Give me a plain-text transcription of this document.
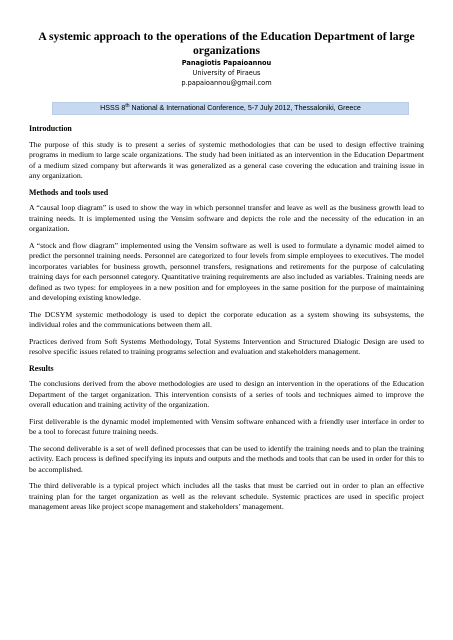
A systemic approach to the operations of the Education Department of large organizations
Panagiotis Papaioannou
University of Piraeus
p.papaioannou@gmail.com
HSSS 8th National & International Conference, 5-7 July 2012, Thessaloniki, Greece
Introduction

The purpose of this study is to present a series of systemic methodologies that can be used to design effective training programs in medium to large scale organizations. The study had been initiated as an intervention in the Education Department of a medium sized company but afterwards it was generalized as a general case covering the education and training issue in any organization.

Methods and tools used

A “causal loop diagram” is used to show the way in which personnel transfer and leave as well as the business growth lead to training needs. It is implemented using the Vensim software and depicts the role and the necessity of the education in an organization.

A “stock and flow diagram” implemented using the Vensim software as well is used to formulate a dynamic model aimed to predict the personnel training needs. Personnel are categorized to four levels from simple employees to executives. The model incorporates variables for business growth, personnel transfers, resignations and retirements for the purpose of calculating training days for each personnel category. Quantitative training requirements are also included as variables. Training needs are defined as two types: for employees in a new position and for employees in the same position for the purpose of maintaining and developing existing knowledge.

The DCSYM systemic methodology is used to depict the corporate education as a system showing its subsystems, the individual roles and the communications between them all.

Practices derived from Soft Systems Methodology, Total Systems Intervention and Structured Dialogic Design are used to resolve specific issues related to training programs selection and evaluation and stakeholders management.

Results

The conclusions derived from the above methodologies are used to design an intervention in the operations of the Education Department of the target organization. This intervention consists of a series of tools and techniques aimed to improve the overall education and training activity of the organization.

First deliverable is the dynamic model implemented with Vensim software enhanced with a friendly user interface in order to be a tool to forecast future training needs.

The second deliverable is a set of well defined processes that can be used to identify the training needs and to plan the training activity. Each process is defined specifying its inputs and outputs and the methods and tools that can be used in order for this to be accomplished.

The third deliverable is a typical project which includes all the tasks that must be carried out in order to plan an effective training plan for the target organization as well as the relevant schedule. Systemic practices are used in specific project management areas like project scope management and stakeholders’ management.
